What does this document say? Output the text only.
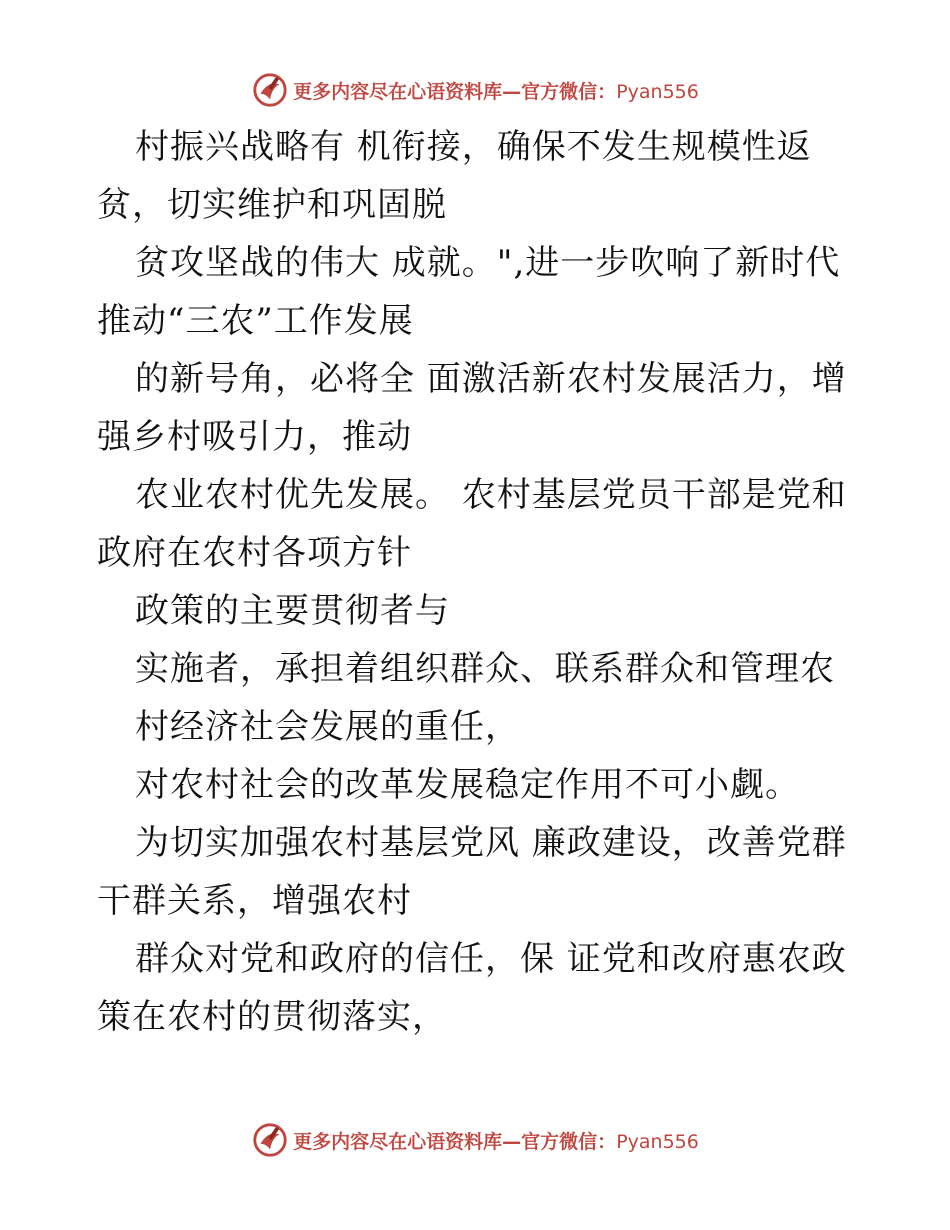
更多内容尽在心语资料库—官方微信：Pyan556
村振兴战略有 机衔接，确保不发生规模性返
贫，切实维护和巩固脱
贫攻坚战的伟大 成就。",进一步吹响了新时代
推动“三农”工作发展
的新号角，必将全 面激活新农村发展活力，增
强乡村吸引力，推动
农业农村优先发展。 农村基层党员干部是党和
政府在农村各项方针
政策的主要贯彻者与
实施者，承担着组织群众、联系群众和管理农
村经济社会发展的重任，
对农村社会的改革发展稳定作用不可小觑。
为切实加强农村基层党风 廉政建设，改善党群
干群关系，增强农村
群众对党和政府的信任，保 证党和改府惠农政
策在农村的贯彻落实，
更多内容尽在心语资料库—官方微信：Pyan556
